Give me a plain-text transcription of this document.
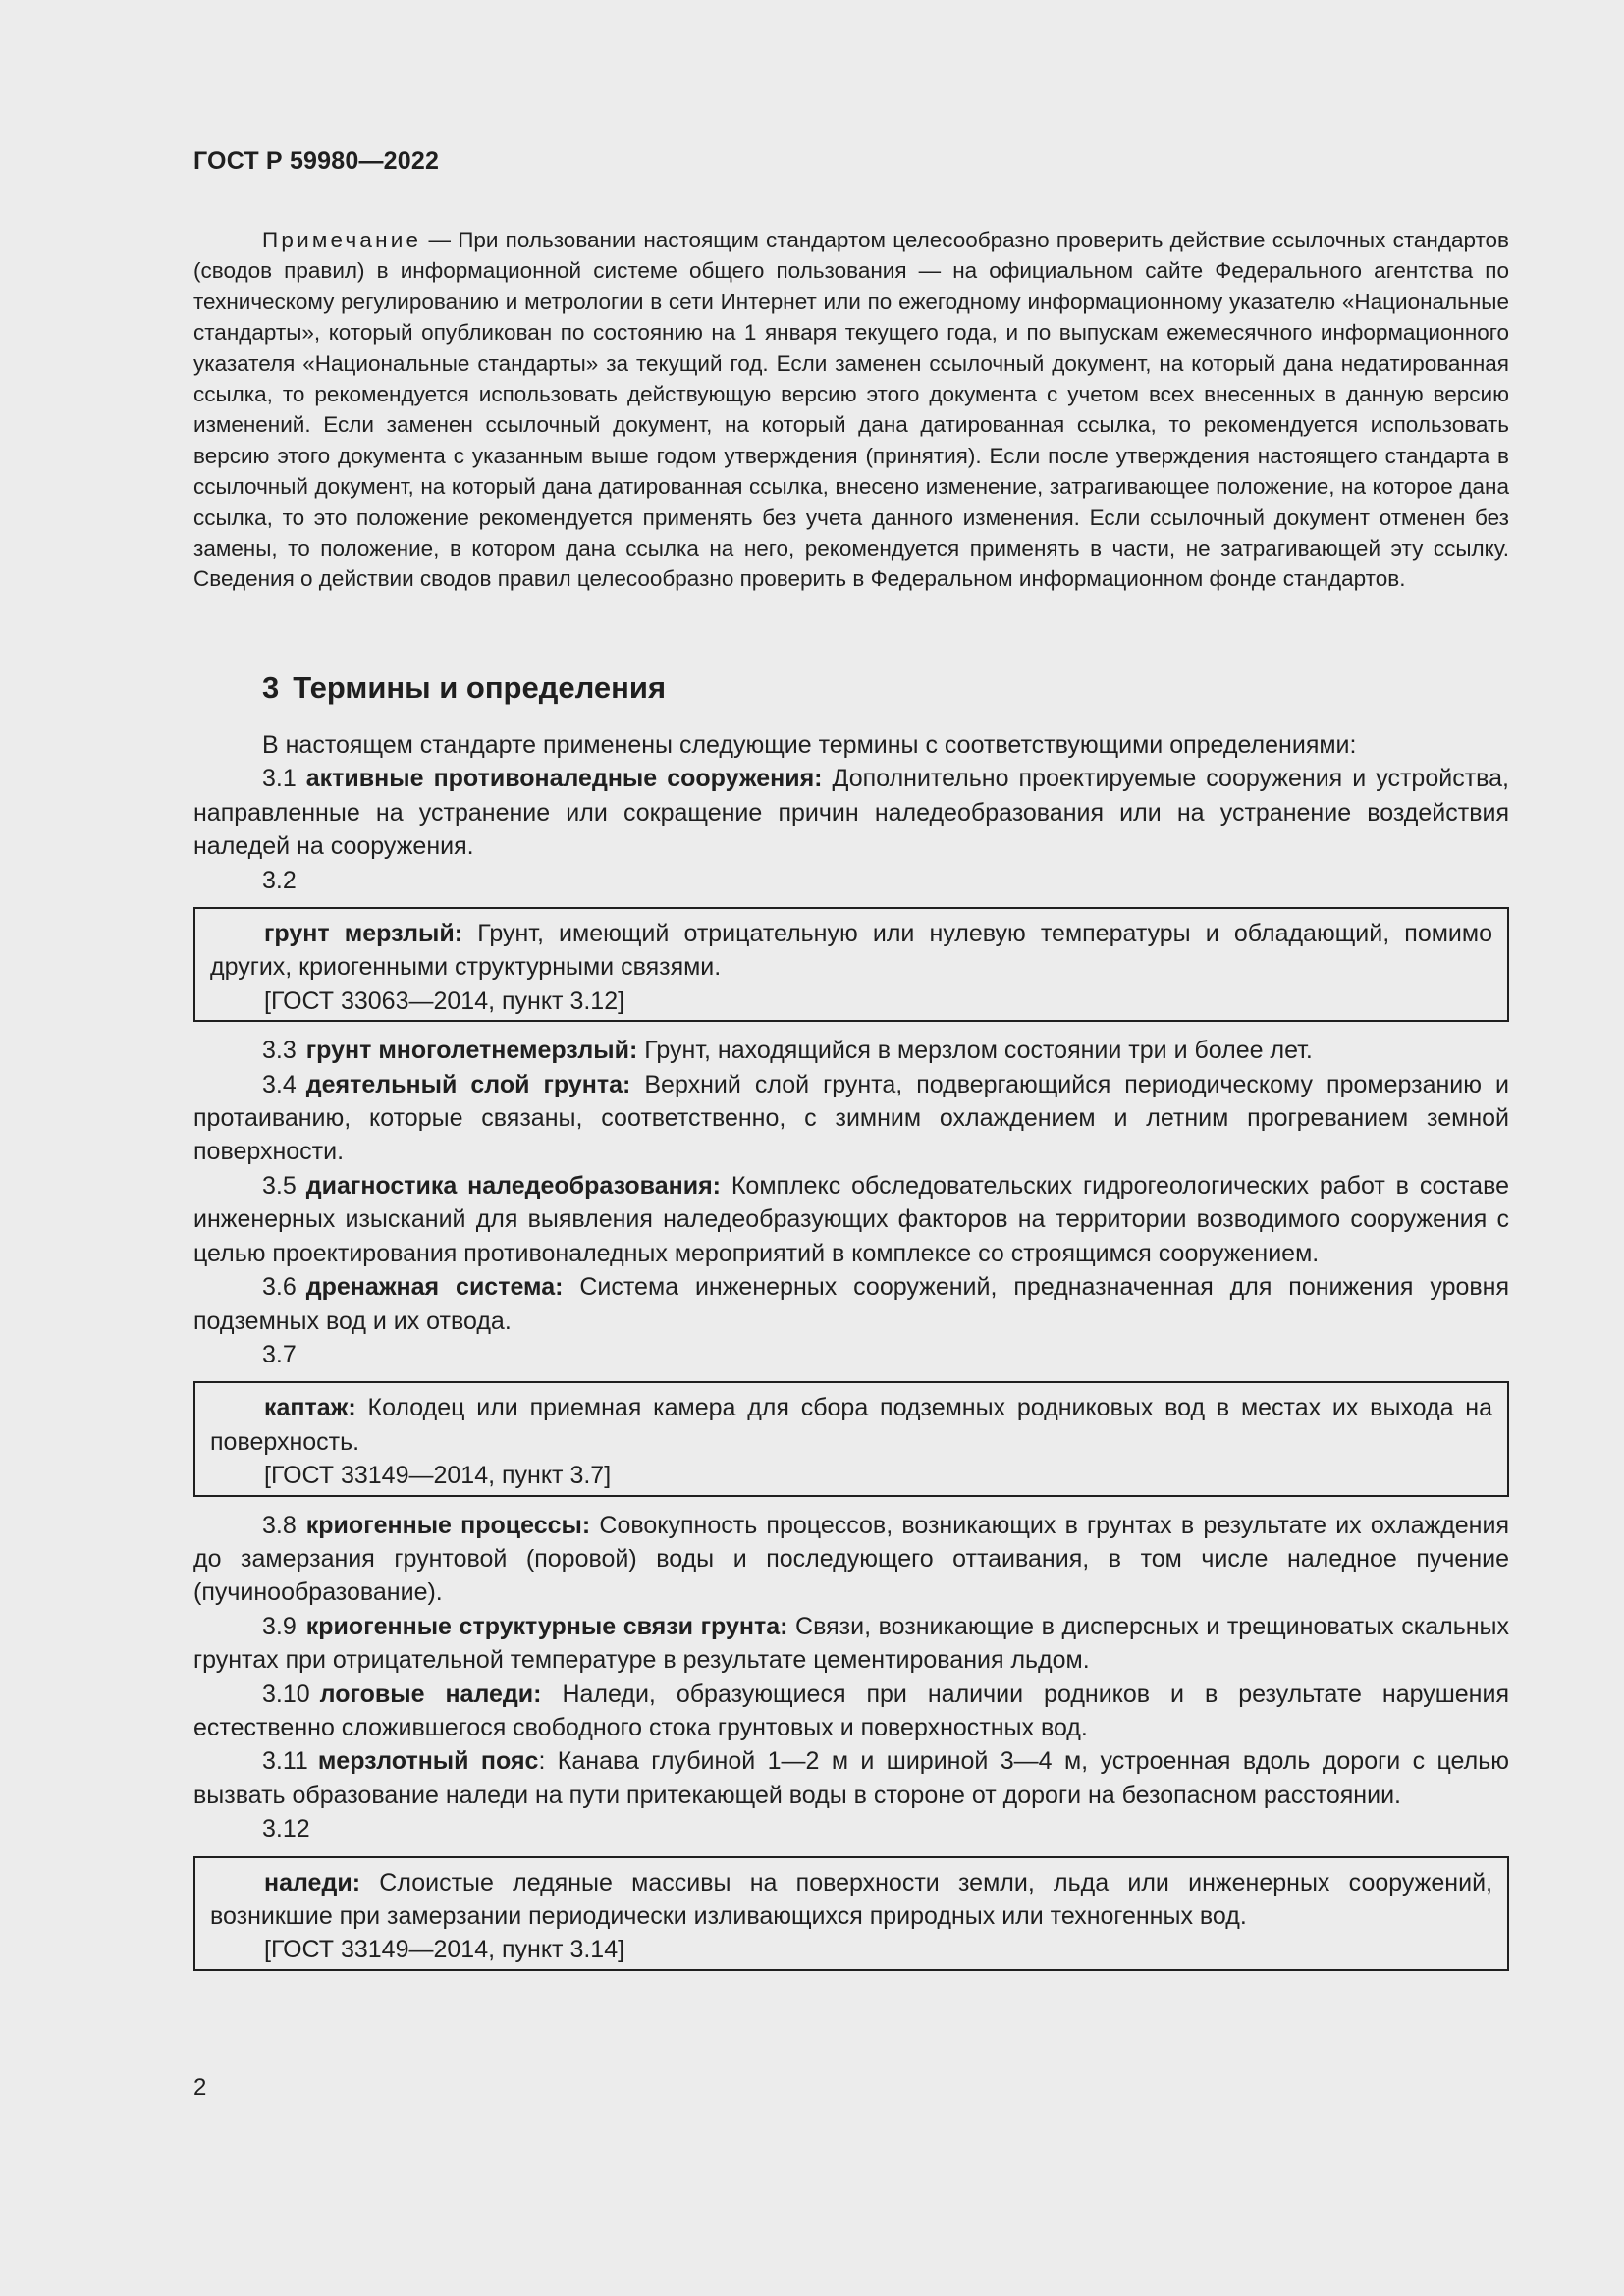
ГОСТ Р 59980—2022

Примечание — При пользовании настоящим стандартом целесообразно проверить действие ссылочных стандартов (сводов правил) в информационной системе общего пользования — на официальном сайте Федерального агентства по техническому регулированию и метрологии в сети Интернет или по ежегодному информационному указателю «Национальные стандарты», который опубликован по состоянию на 1 января текущего года, и по выпускам ежемесячного информационного указателя «Национальные стандарты» за текущий год. Если заменен ссылочный документ, на который дана недатированная ссылка, то рекомендуется использовать действующую версию этого документа с учетом всех внесенных в данную версию изменений. Если заменен ссылочный документ, на который дана датированная ссылка, то рекомендуется использовать версию этого документа с указанным выше годом утверждения (принятия). Если после утверждения настоящего стандарта в ссылочный документ, на который дана датированная ссылка, внесено изменение, затрагивающее положение, на которое дана ссылка, то это положение рекомендуется применять без учета данного изменения. Если ссылочный документ отменен без замены, то положение, в котором дана ссылка на него, рекомендуется применять в части, не затрагивающей эту ссылку. Сведения о действии сводов правил целесообразно проверить в Федеральном информационном фонде стандартов.

3 Термины и определения

В настоящем стандарте применены следующие термины с соответствующими определениями:

3.1 активные противоналедные сооружения: Дополнительно проектируемые сооружения и устройства, направленные на устранение или сокращение причин наледеобразования или на устранение воздействия наледей на сооружения.

3.2

грунт мерзлый: Грунт, имеющий отрицательную или нулевую температуры и обладающий, помимо других, криогенными структурными связями.

[ГОСТ 33063—2014, пункт 3.12]

3.3 грунт многолетнемерзлый: Грунт, находящийся в мерзлом состоянии три и более лет.

3.4 деятельный слой грунта: Верхний слой грунта, подвергающийся периодическому промерзанию и протаиванию, которые связаны, соответственно, с зимним охлаждением и летним прогреванием земной поверхности.

3.5 диагностика наледеобразования: Комплекс обследовательских гидрогеологических работ в составе инженерных изысканий для выявления наледеобразующих факторов на территории возводимого сооружения с целью проектирования противоналедных мероприятий в комплексе со строящимся сооружением.

3.6 дренажная система: Система инженерных сооружений, предназначенная для понижения уровня подземных вод и их отвода.

3.7

каптаж: Колодец или приемная камера для сбора подземных родниковых вод в местах их выхода на поверхность.

[ГОСТ 33149—2014, пункт 3.7]

3.8 криогенные процессы: Совокупность процессов, возникающих в грунтах в результате их охлаждения до замерзания грунтовой (поровой) воды и последующего оттаивания, в том числе наледное пучение (пучинообразование).

3.9 криогенные структурные связи грунта: Связи, возникающие в дисперсных и трещиноватых скальных грунтах при отрицательной температуре в результате цементирования льдом.

3.10 логовые наледи: Наледи, образующиеся при наличии родников и в результате нарушения естественно сложившегося свободного стока грунтовых и поверхностных вод.

3.11 мерзлотный пояс: Канава глубиной 1—2 м и шириной 3—4 м, устроенная вдоль дороги с целью вызвать образование наледи на пути притекающей воды в стороне от дороги на безопасном расстоянии.

3.12

наледи: Слоистые ледяные массивы на поверхности земли, льда или инженерных сооружений, возникшие при замерзании периодически изливающихся природных или техногенных вод.

[ГОСТ 33149—2014, пункт 3.14]

2
